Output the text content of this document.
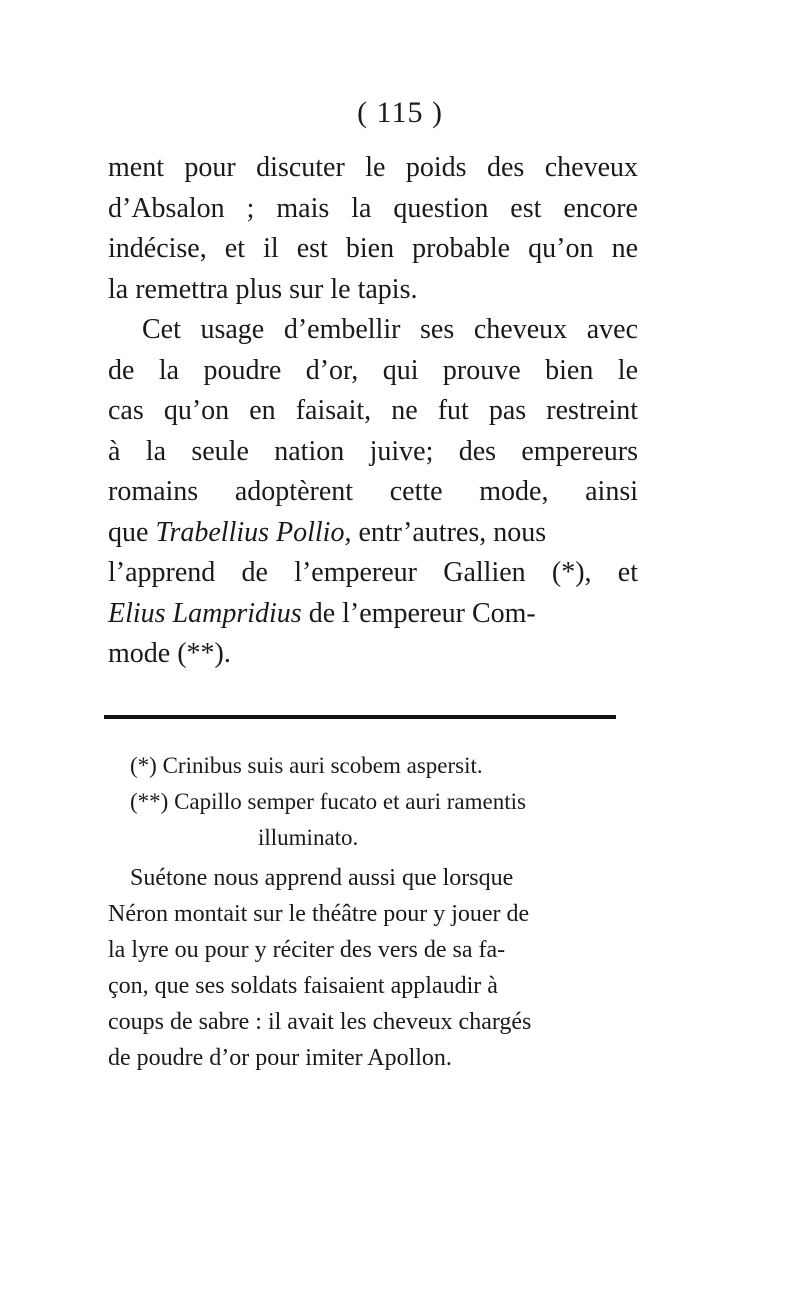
( 115 )
ment pour discuter le poids des cheveux
d’Absalon ; mais la question est encore
indécise, et il est bien probable qu’on ne
la remettra plus sur le tapis.
Cet usage d’embellir ses cheveux avec
de la poudre d’or, qui prouve bien le
cas qu’on en faisait, ne fut pas restreint
à la seule nation juive; des empereurs
romains adoptèrent cette mode, ainsi
que Trabellius Pollio, entr’autres, nous
l’apprend de l’empereur Gallien (*), et
Elius Lampridius de l’empereur Com-
mode (**).
(*) Crinibus suis auri scobem aspersit.
(**) Capillo semper fucato et auri ramentis
illuminato.
Suétone nous apprend aussi que lorsque
Néron montait sur le théâtre pour y jouer de
la lyre ou pour y réciter des vers de sa fa-
çon, que ses soldats faisaient applaudir à
coups de sabre : il avait les cheveux chargés
de poudre d’or pour imiter Apollon.
